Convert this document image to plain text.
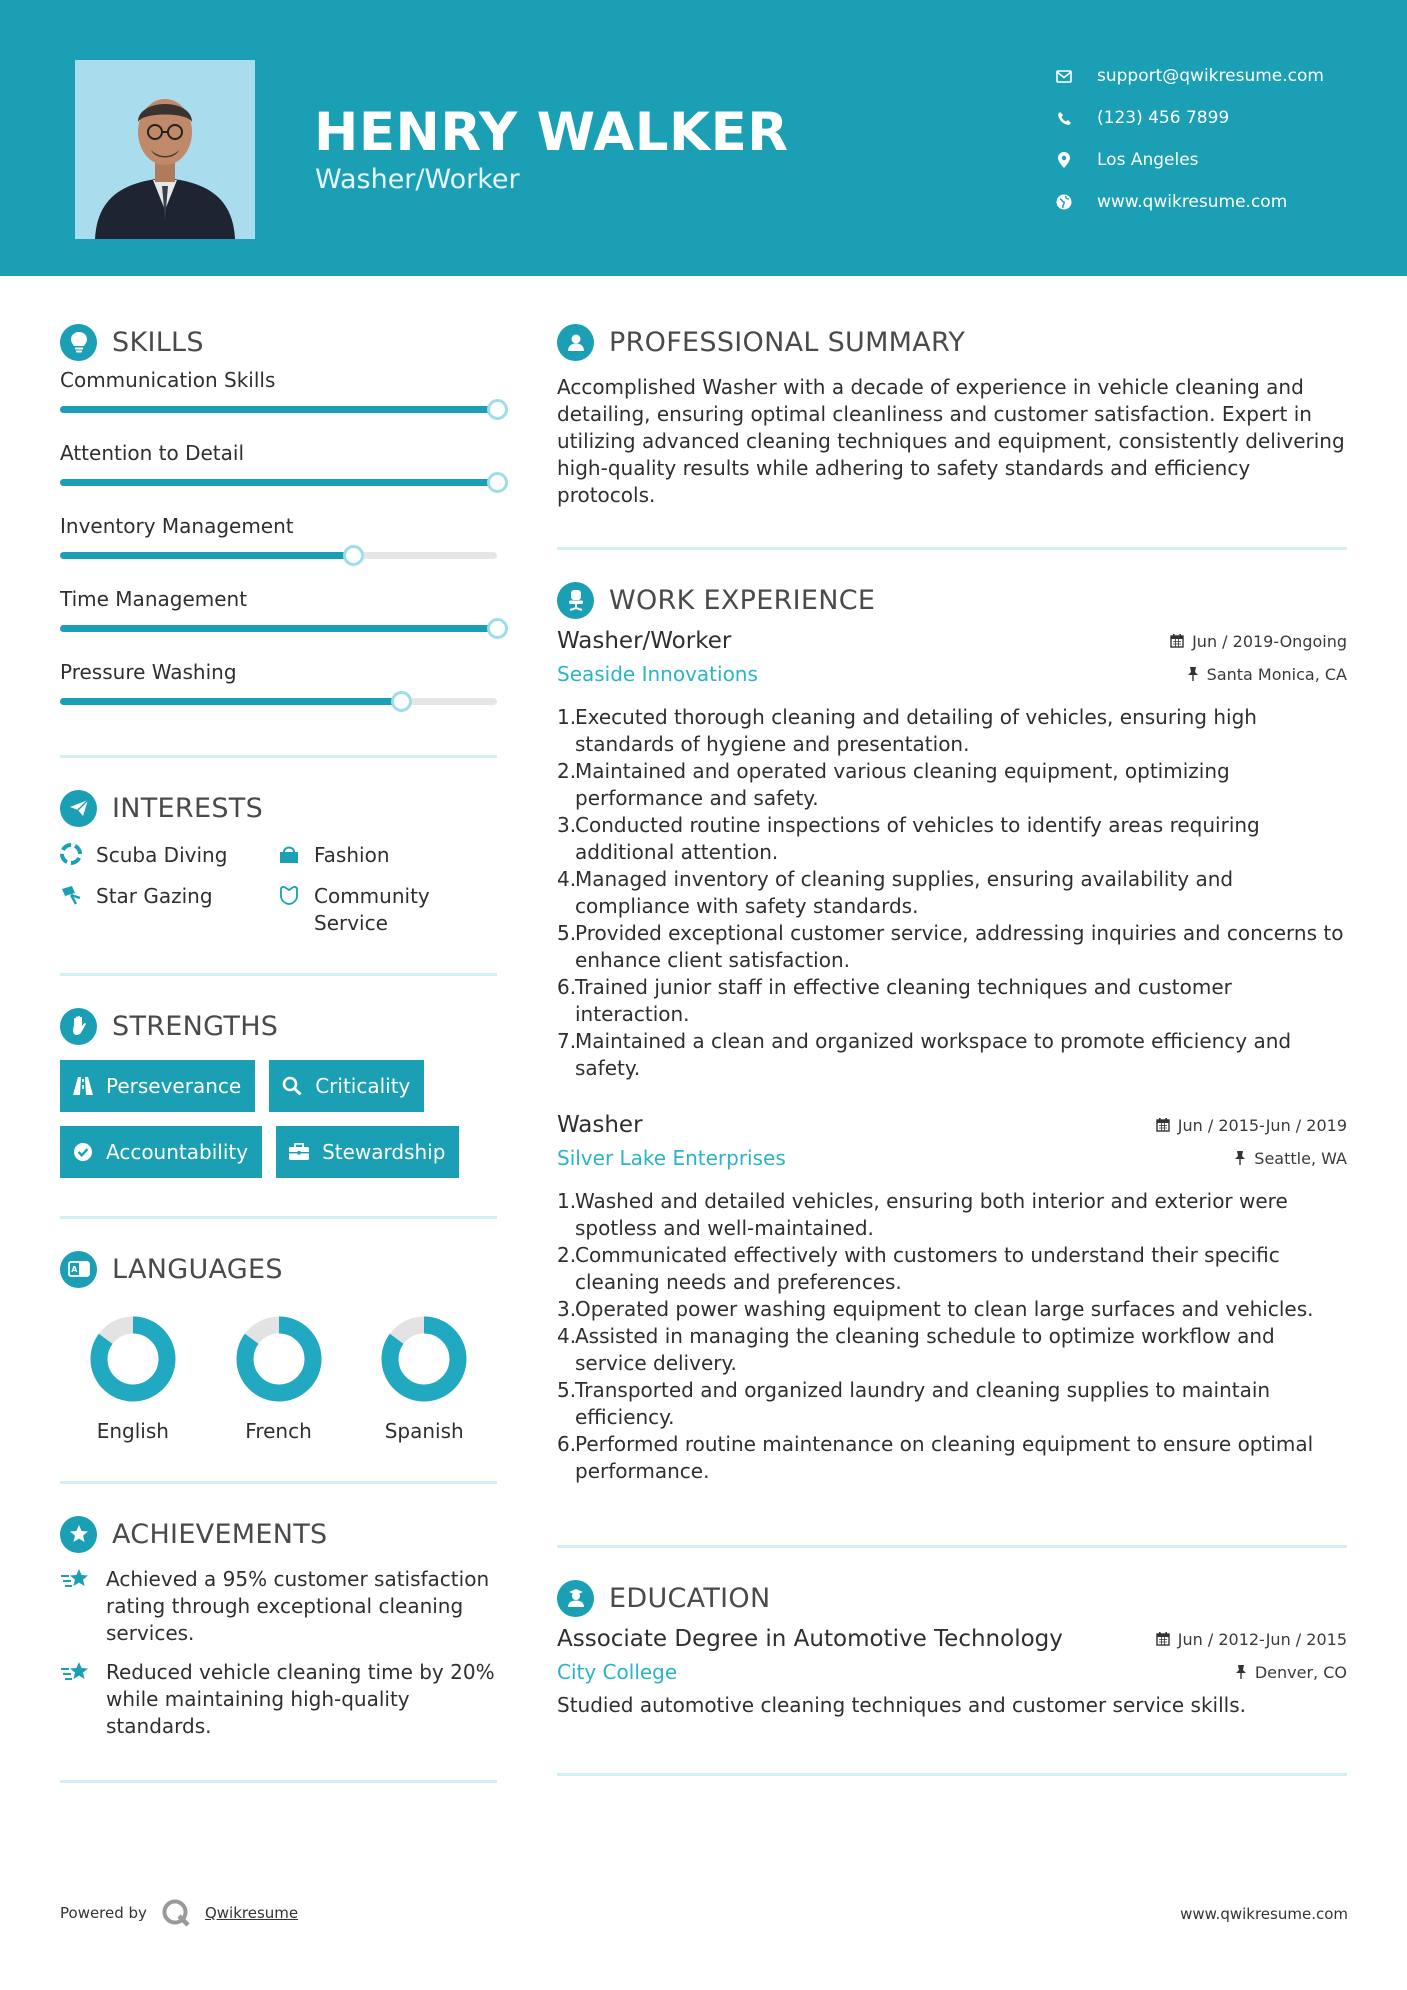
HENRY WALKER
Washer/Worker
support@qwikresume.com
(123) 456 7899
Los Angeles
www.qwikresume.com
SKILLS
Communication Skills
Attention to Detail
Inventory Management
Time Management
Pressure Washing
INTERESTS
Scuba Diving	Fashion
Star Gazing	Community Service
STRENGTHS
Perseverance	Criticality
Accountability	Stewardship
A LANGUAGES
English	French	Spanish
ACHIEVEMENTS
Achieved a 95% customer satisfaction rating through exceptional cleaning services.
Reduced vehicle cleaning time by 20% while maintaining high-quality standards.
PROFESSIONAL SUMMARY
Accomplished Washer with a decade of experience in vehicle cleaning and detailing, ensuring optimal cleanliness and customer satisfaction. Expert in utilizing advanced cleaning techniques and equipment, consistently delivering high-quality results while adhering to safety standards and efficiency protocols.
WORK EXPERIENCE
Washer/Worker	Jun / 2019-Ongoing
Seaside Innovations	Santa Monica, CA
1.
Executed thorough cleaning and detailing of vehicles, ensuring high standards of hygiene and presentation.
2.
Maintained and operated various cleaning equipment, optimizing performance and safety.
3.
Conducted routine inspections of vehicles to identify areas requiring additional attention.
4.
Managed inventory of cleaning supplies, ensuring availability and compliance with safety standards.
5.
Provided exceptional customer service, addressing inquiries and concerns to enhance client satisfaction.
6.
Trained junior staff in effective cleaning techniques and customer interaction.
7.
Maintained a clean and organized workspace to promote efficiency and safety.
Washer	Jun / 2015-Jun / 2019
Silver Lake Enterprises	Seattle, WA
1.
Washed and detailed vehicles, ensuring both interior and exterior were spotless and well-maintained.
2.
Communicated effectively with customers to understand their specific cleaning needs and preferences.
3.
Operated power washing equipment to clean large surfaces and vehicles.
4.
Assisted in managing the cleaning schedule to optimize workflow and service delivery.
5.
Transported and organized laundry and cleaning supplies to maintain efficiency.
6.
Performed routine maintenance on cleaning equipment to ensure optimal performance.
EDUCATION
Associate Degree in Automotive Technology	Jun / 2012-Jun / 2015
City College	Denver, CO
Studied automotive cleaning techniques and customer service skills.
Powered by	Qwikresume	www.qwikresume.com
